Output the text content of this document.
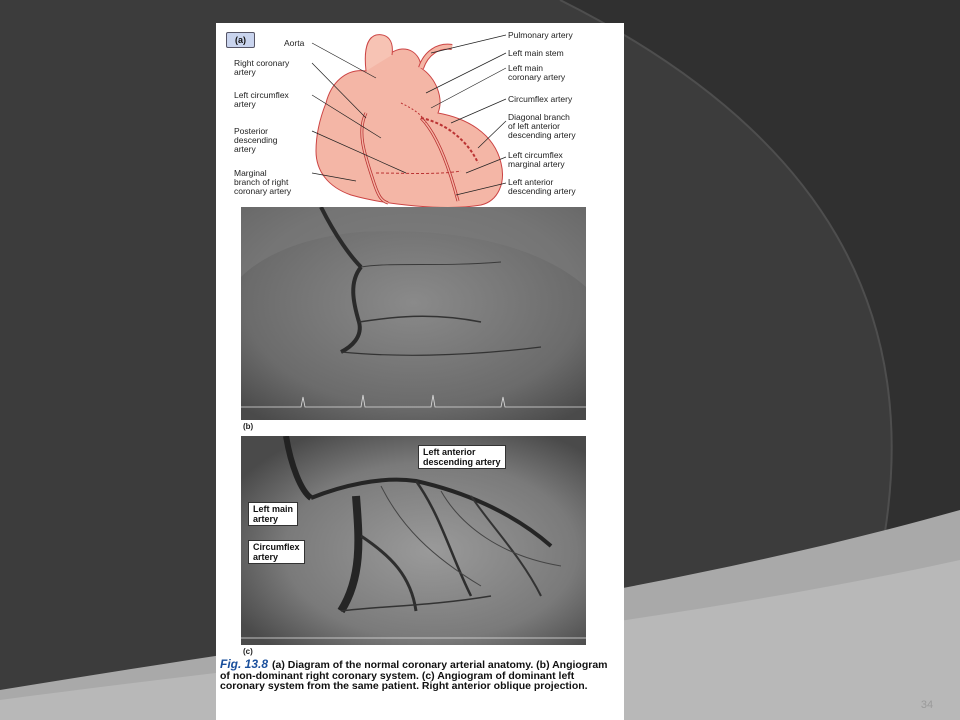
(a)	Aorta
Right coronary
artery
Left circumflex
artery
Posterior
descending
artery
Marginal
branch of right
coronary artery
Pulmonary artery
Left main stem
Left main
coronary artery
Circumflex artery
Diagonal branch
of left anterior
descending artery
Left circumflex
marginal artery
Left anterior
descending artery
(b)
(c)
Left anterior
descending artery
Left main
artery
Circumflex
artery
Fig. 13.8 (a) Diagram of the normal coronary arterial anatomy. (b) Angiogram of non-dominant right coronary system. (c) Angiogram of dominant left coronary system from the same patient. Right anterior oblique projection.
34
